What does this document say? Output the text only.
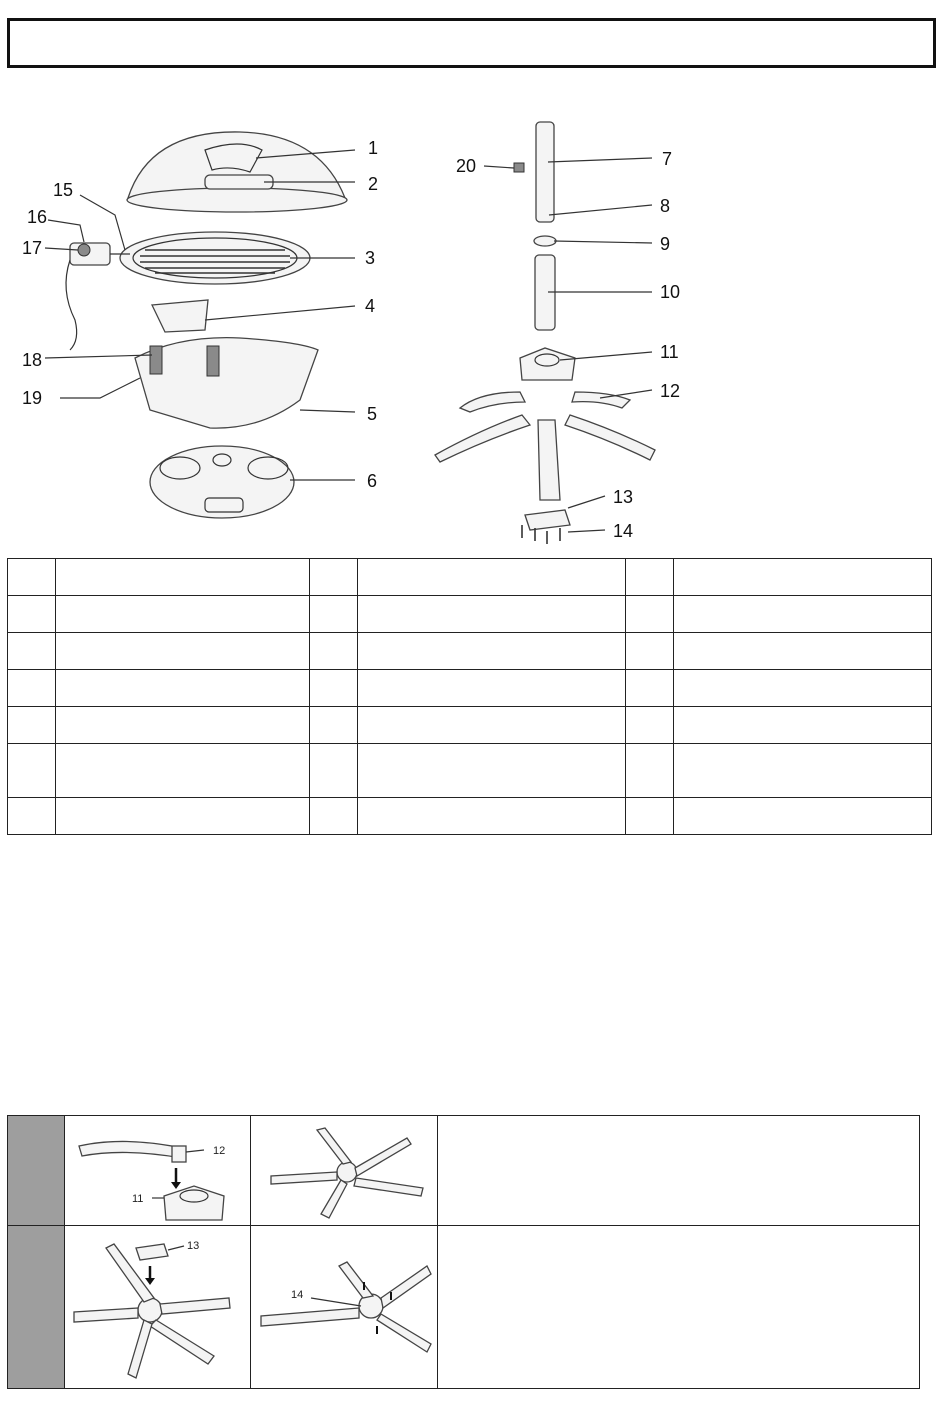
1
2
3
4
5
6
15
16
17
18
19
7
8
9
10
11
12
13
14
20

12
11
13
14
